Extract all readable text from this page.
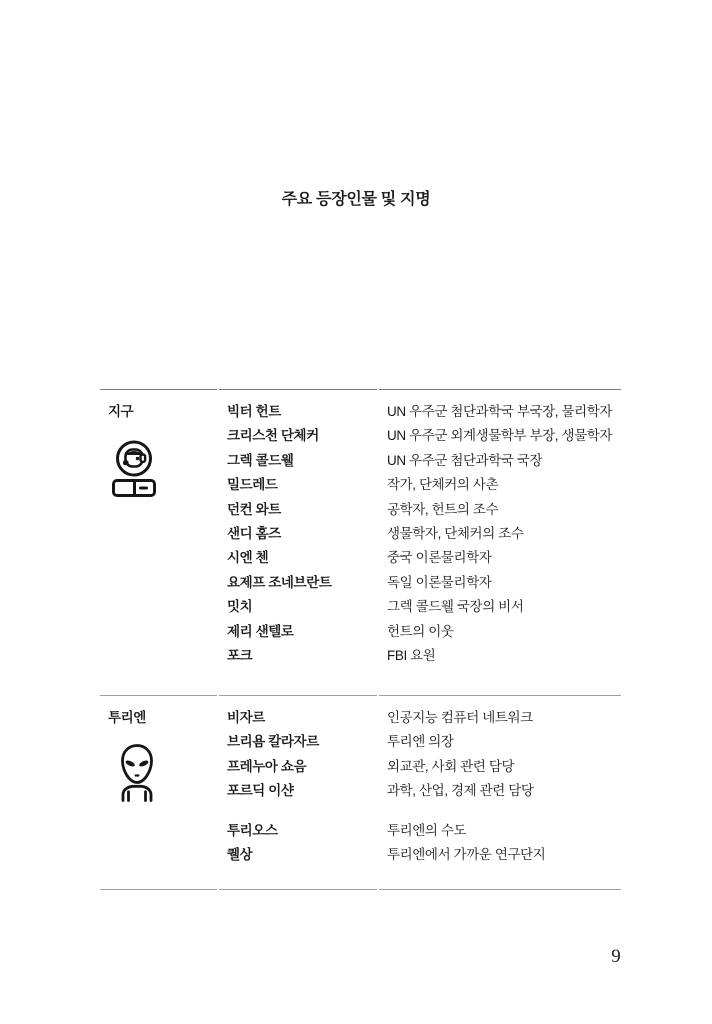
주요 등장인물 및 지명
지구	빅터 헌트
크리스천 단체커
그렉 콜드웰
밀드레드
던컨 와트
샌디 홈즈
시엔 첸
요제프 조네브란트
밋치
제리 샌텔로
포크
UN 우주군 첨단과학국 부국장, 물리학자
UN 우주군 외계생물학부 부장, 생물학자
UN 우주군 첨단과학국 국장
작가, 단체커의 사촌
공학자, 헌트의 조수
생물학자, 단체커의 조수
중국 이론물리학자
독일 이론물리학자
그렉 콜드웰 국장의 비서
헌트의 이웃
FBI 요원
투리엔	비자르
브리욤 칼라자르
프레누아 쇼음
포르딕 이샨
투리오스
퀠상
인공지능 컴퓨터 네트워크
투리엔 의장
외교관, 사회 관련 담당
과학, 산업, 경제 관련 담당
투리엔의 수도
투리엔에서 가까운 연구단지
9
